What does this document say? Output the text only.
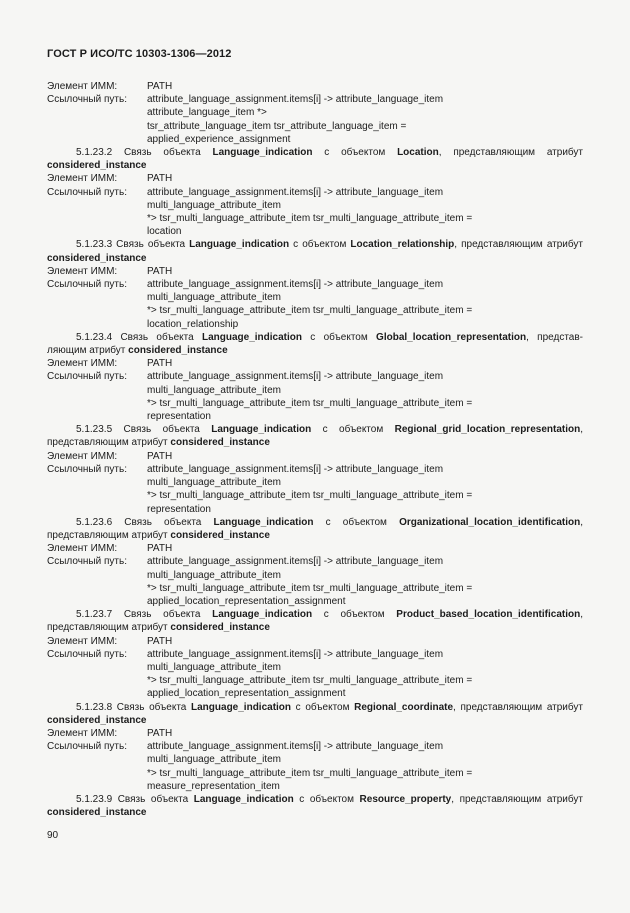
ГОСТ Р ИСО/ТС 10303-1306—2012
Элемент ИММ:	PATH
Ссылочный путь:	attribute_language_assignment.items[i] -> attribute_language_item
attribute_language_item *>
tsr_attribute_language_item tsr_attribute_language_item =
applied_experience_assignment
5.1.23.2 Связь объекта Language_indication с объектом Location, представляющим атрибут considered_instance
Элемент ИММ:	PATH
Ссылочный путь:	attribute_language_assignment.items[i] -> attribute_language_item
multi_language_attribute_item
*> tsr_multi_language_attribute_item tsr_multi_language_attribute_item =
location
5.1.23.3 Связь объекта Language_indication с объектом Location_relationship, представляющим атрибут considered_instance
Элемент ИММ:	PATH
Ссылочный путь:	attribute_language_assignment.items[i] -> attribute_language_item
multi_language_attribute_item
*> tsr_multi_language_attribute_item tsr_multi_language_attribute_item =
location_relationship
5.1.23.4 Связь объекта Language_indication с объектом Global_location_representation, представ-ляющим атрибут considered_instance
Элемент ИММ:	PATH
Ссылочный путь:	attribute_language_assignment.items[i] -> attribute_language_item
multi_language_attribute_item
*> tsr_multi_language_attribute_item tsr_multi_language_attribute_item =
representation
5.1.23.5 Связь объекта Language_indication с объектом Regional_grid_location_representation, представляющим атрибут considered_instance
Элемент ИММ:	PATH
Ссылочный путь:	attribute_language_assignment.items[i] -> attribute_language_item
multi_language_attribute_item
*> tsr_multi_language_attribute_item tsr_multi_language_attribute_item =
representation
5.1.23.6 Связь объекта Language_indication с объектом Organizational_location_identification, представляющим атрибут considered_instance
Элемент ИММ:	PATH
Ссылочный путь:	attribute_language_assignment.items[i] -> attribute_language_item
multi_language_attribute_item
*> tsr_multi_language_attribute_item tsr_multi_language_attribute_item =
applied_location_representation_assignment
5.1.23.7 Связь объекта Language_indication с объектом Product_based_location_identification, представляющим атрибут considered_instance
Элемент ИММ:	PATH
Ссылочный путь:	attribute_language_assignment.items[i] -> attribute_language_item
multi_language_attribute_item
*> tsr_multi_language_attribute_item tsr_multi_language_attribute_item =
applied_location_representation_assignment
5.1.23.8 Связь объекта Language_indication с объектом Regional_coordinate, представляющим атрибут considered_instance
Элемент ИММ:	PATH
Ссылочный путь:	attribute_language_assignment.items[i] -> attribute_language_item
multi_language_attribute_item
*> tsr_multi_language_attribute_item tsr_multi_language_attribute_item =
measure_representation_item
5.1.23.9 Связь объекта Language_indication с объектом Resource_property, представляющим атрибут considered_instance
90
